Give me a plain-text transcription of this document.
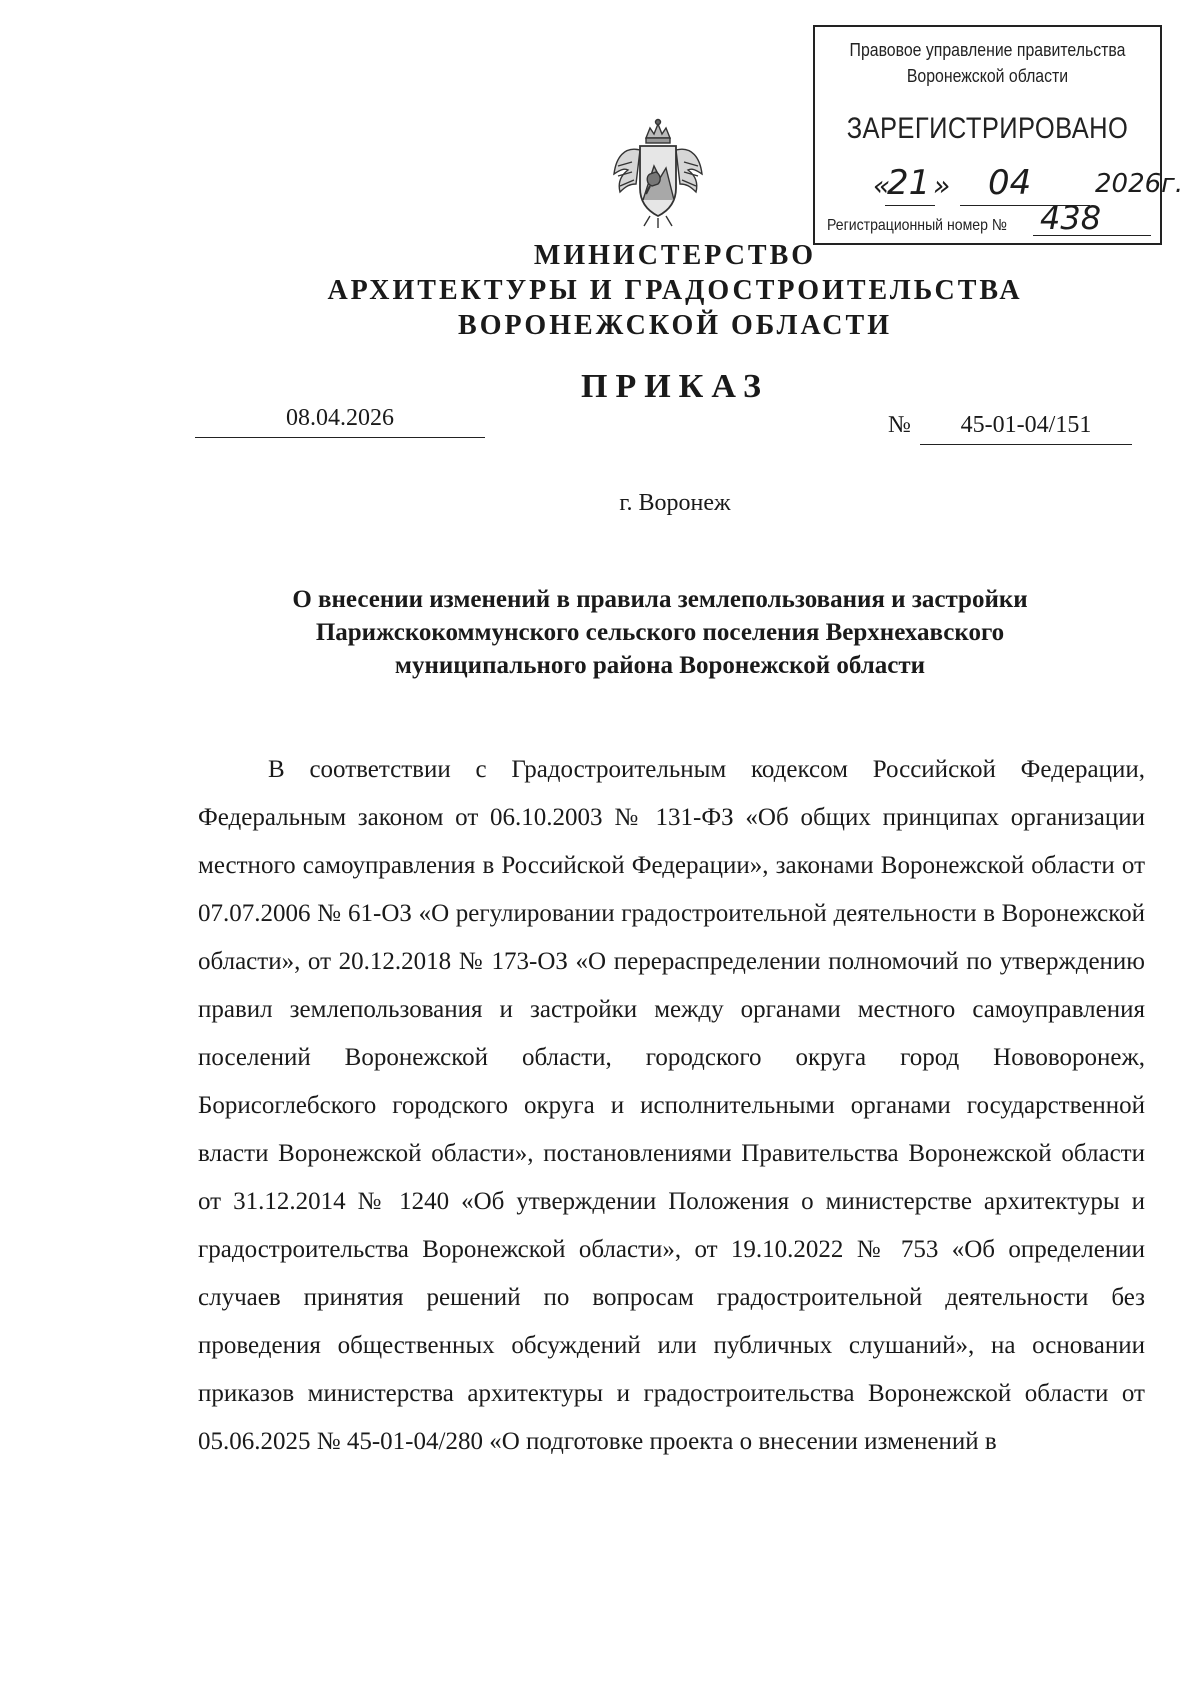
Правовое управление правительства
Воронежской области
ЗАРЕГИСТРИРОВАНО
«
21 » 04 2026г.
Регистрационный номер № 438
МИНИСТЕРСТВО
АРХИТЕКТУРЫ И ГРАДОСТРОИТЕЛЬСТВА
ВОРОНЕЖСКОЙ ОБЛАСТИ
ПРИКАЗ
08.04.2026	№	45-01-04/151
г. Воронеж
О внесении изменений в правила землепользования и застройки
Парижскокоммунского сельского поселения Верхнехавского
муниципального района Воронежской области

В соответствии с Градостроительным кодексом Российской Федерации, Федеральным законом от 06.10.2003 № 131-ФЗ «Об общих принципах организации местного самоуправления в Российской Федерации», законами Воронежской области от 07.07.2006 № 61-ОЗ «О регулировании градостроительной деятельности в Воронежской области», от 20.12.2018 № 173-ОЗ «О перераспределении полномочий по утверждению правил землепользования и застройки между органами местного самоуправления поселений Воронежской области, городского округа город Нововоронеж, Борисоглебского городского округа и исполнительными органами государственной власти Воронежской области», постановлениями Правительства Воронежской области от 31.12.2014 № 1240 «Об утверждении Положения о министерстве архитектуры и градостроительства Воронежской области», от 19.10.2022 № 753 «Об определении случаев принятия решений по вопросам градостроительной деятельности без проведения общественных обсуждений или публичных слушаний», на основании приказов министерства архитектуры и градостроительства Воронежской области от 05.06.2025 № 45-01-04/280 «О подготовке проекта о внесении изменений в
